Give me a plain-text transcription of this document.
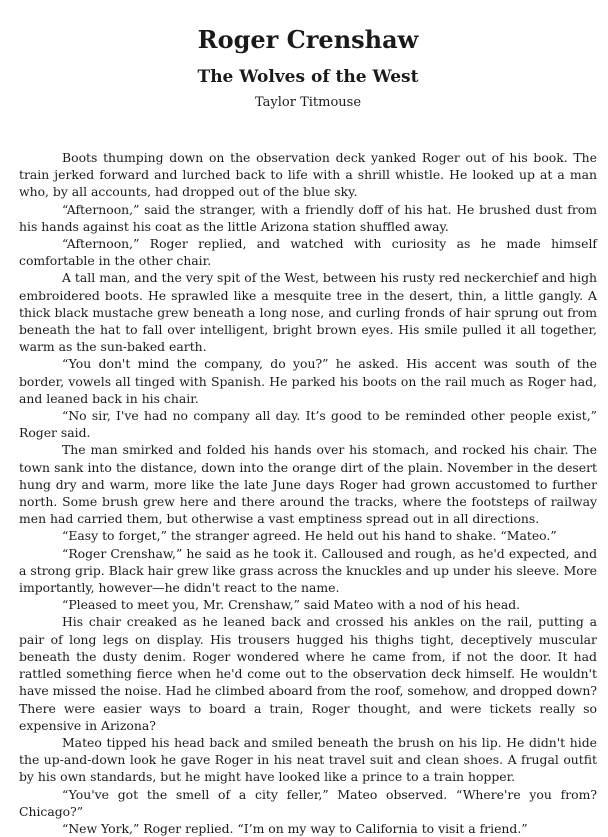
Roger Crenshaw
The Wolves of the West
Taylor Titmouse

Boots thumping down on the observation deck yanked Roger out of his book. The train jerked forward and lurched back to life with a shrill whistle. He looked up at a man who, by all accounts, had dropped out of the blue sky.

“Afternoon,” said the stranger, with a friendly doff of his hat. He brushed dust from his hands against his coat as the little Arizona station shuffled away.

“Afternoon,” Roger replied, and watched with curiosity as he made himself comfortable in the other chair.

A tall man, and the very spit of the West, between his rusty red neckerchief and high embroidered boots. He sprawled like a mesquite tree in the desert, thin, a little gangly. A thick black mustache grew beneath a long nose, and curling fronds of hair sprung out from beneath the hat to fall over intelligent, bright brown eyes. His smile pulled it all together, warm as the sun-baked earth.

“You don't mind the company, do you?” he asked. His accent was south of the border, vowels all tinged with Spanish. He parked his boots on the rail much as Roger had, and leaned back in his chair.

“No sir, I've had no company all day. It’s good to be reminded other people exist,” Roger said.

The man smirked and folded his hands over his stomach, and rocked his chair. The town sank into the distance, down into the orange dirt of the plain. November in the desert hung dry and warm, more like the late June days Roger had grown accustomed to further north. Some brush grew here and there around the tracks, where the footsteps of railway men had carried them, but otherwise a vast emptiness spread out in all directions.

“Easy to forget,” the stranger agreed. He held out his hand to shake. “Mateo.”

“Roger Crenshaw,” he said as he took it. Calloused and rough, as he'd expected, and a strong grip. Black hair grew like grass across the knuckles and up under his sleeve. More importantly, however—he didn't react to the name.

“Pleased to meet you, Mr. Crenshaw,” said Mateo with a nod of his head.

His chair creaked as he leaned back and crossed his ankles on the rail, putting a pair of long legs on display. His trousers hugged his thighs tight, deceptively muscular beneath the dusty denim. Roger wondered where he came from, if not the door. It had rattled something fierce when he'd come out to the observation deck himself. He wouldn't have missed the noise. Had he climbed aboard from the roof, somehow, and dropped down? There were easier ways to board a train, Roger thought, and were tickets really so expensive in Arizona?

Mateo tipped his head back and smiled beneath the brush on his lip. He didn't hide the up-and-down look he gave Roger in his neat travel suit and clean shoes. A frugal outfit by his own standards, but he might have looked like a prince to a train hopper.

“You've got the smell of a city feller,” Mateo observed. “Where're you from? Chicago?”

“New York,” Roger replied. “I’m on my way to California to visit a friend.”
